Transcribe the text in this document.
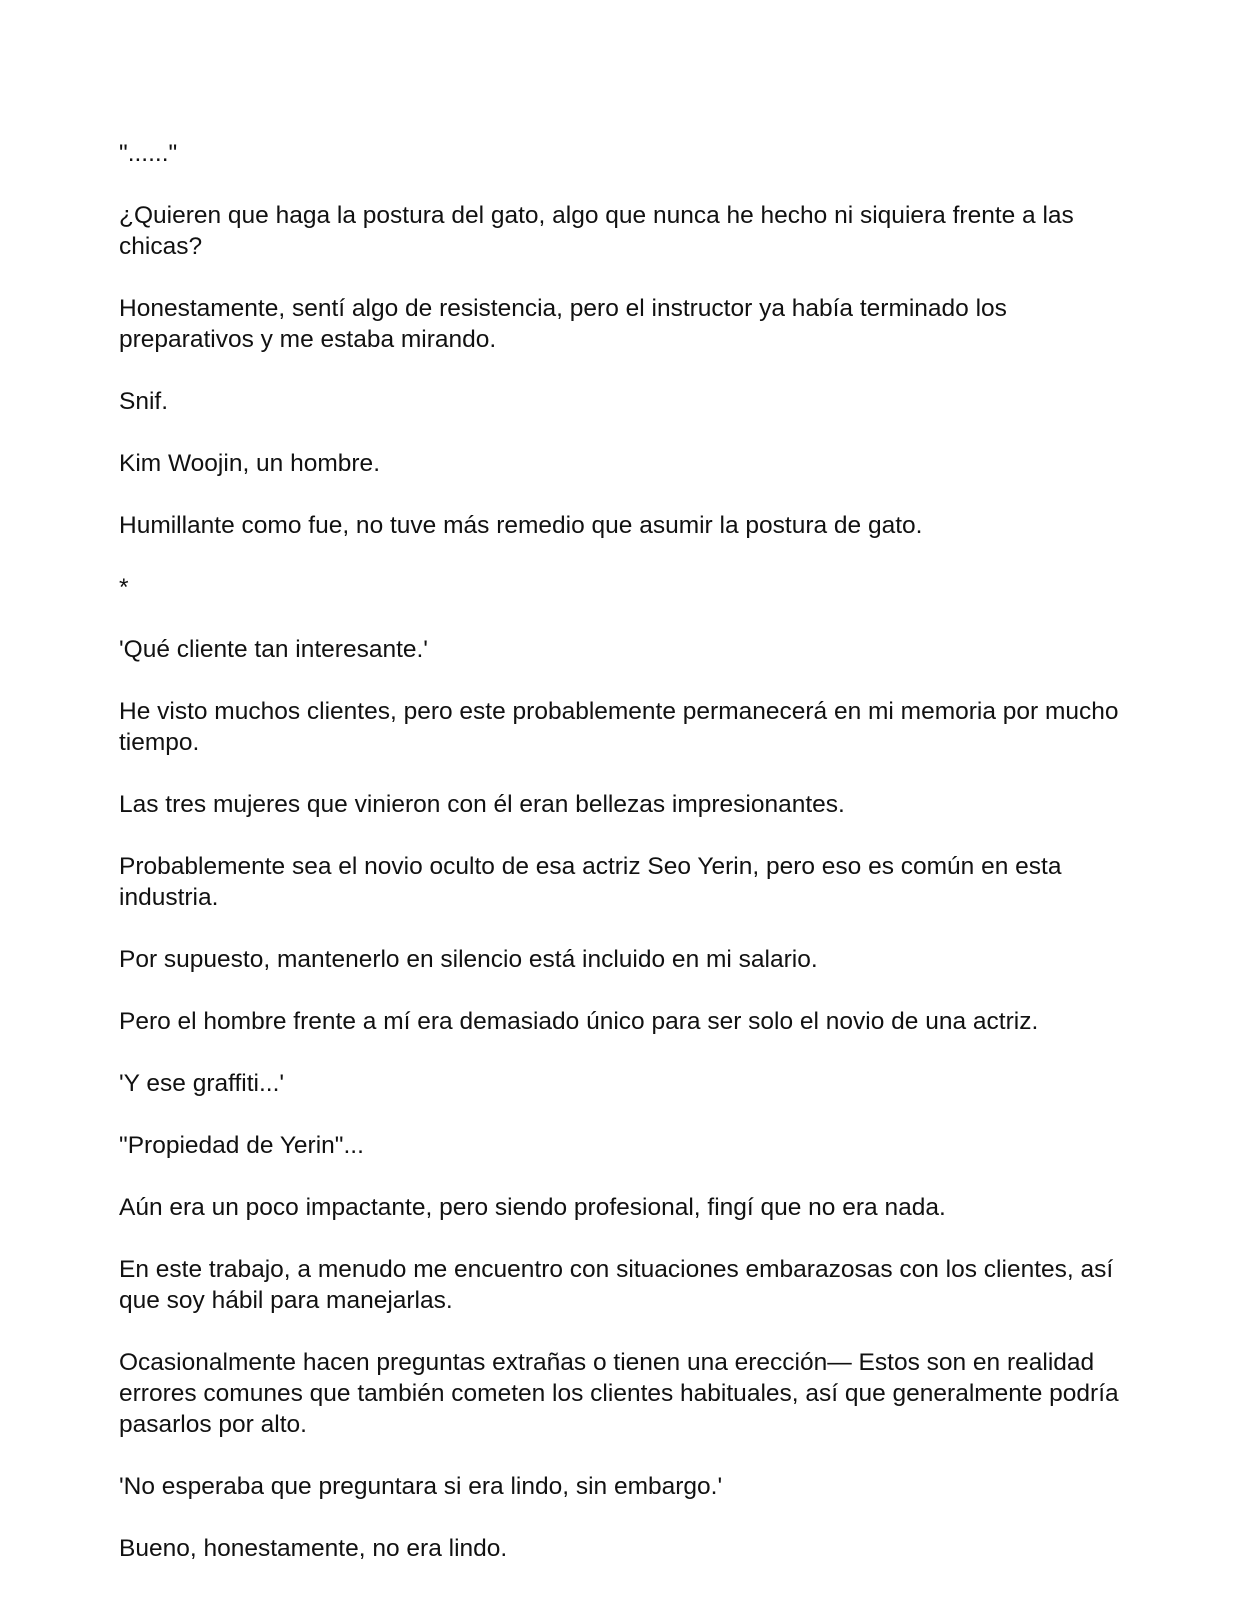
"......"

¿Quieren que haga la postura del gato, algo que nunca he hecho ni siquiera frente a las chicas?

Honestamente, sentí algo de resistencia, pero el instructor ya había terminado los preparativos y me estaba mirando.

Snif.

Kim Woojin, un hombre.

Humillante como fue, no tuve más remedio que asumir la postura de gato.

*

'Qué cliente tan interesante.'

He visto muchos clientes, pero este probablemente permanecerá en mi memoria por mucho tiempo.

Las tres mujeres que vinieron con él eran bellezas impresionantes.

Probablemente sea el novio oculto de esa actriz Seo Yerin, pero eso es común en esta industria.

Por supuesto, mantenerlo en silencio está incluido en mi salario.

Pero el hombre frente a mí era demasiado único para ser solo el novio de una actriz.

'Y ese graffiti...'

"Propiedad de Yerin"...

Aún era un poco impactante, pero siendo profesional, fingí que no era nada.

En este trabajo, a menudo me encuentro con situaciones embarazosas con los clientes, así que soy hábil para manejarlas.

Ocasionalmente hacen preguntas extrañas o tienen una erección— Estos son en realidad errores comunes que también cometen los clientes habituales, así que generalmente podría pasarlos por alto.

'No esperaba que preguntara si era lindo, sin embargo.'

Bueno, honestamente, no era lindo.
